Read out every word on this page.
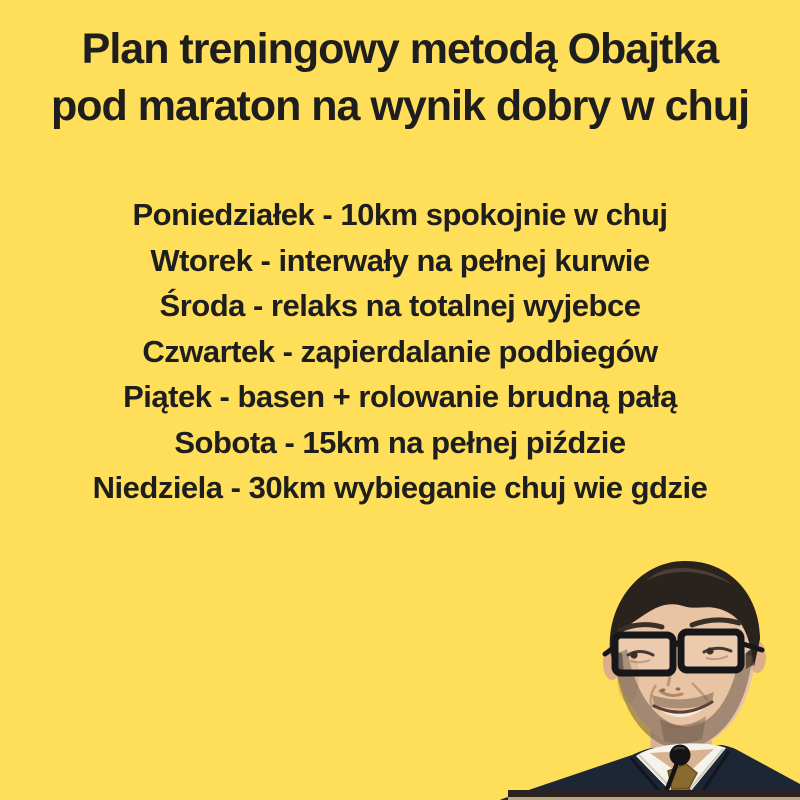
Plan treningowy metodą Obajtka
pod maraton na wynik dobry w chuj
Poniedziałek - 10km spokojnie w chuj
Wtorek - interwały na pełnej kurwie
Środa - relaks na totalnej wyjebce
Czwartek - zapierdalanie podbiegów
Piątek - basen + rolowanie brudną pałą
Sobota - 15km na pełnej piździe
Niedziela - 30km wybieganie chuj wie gdzie
